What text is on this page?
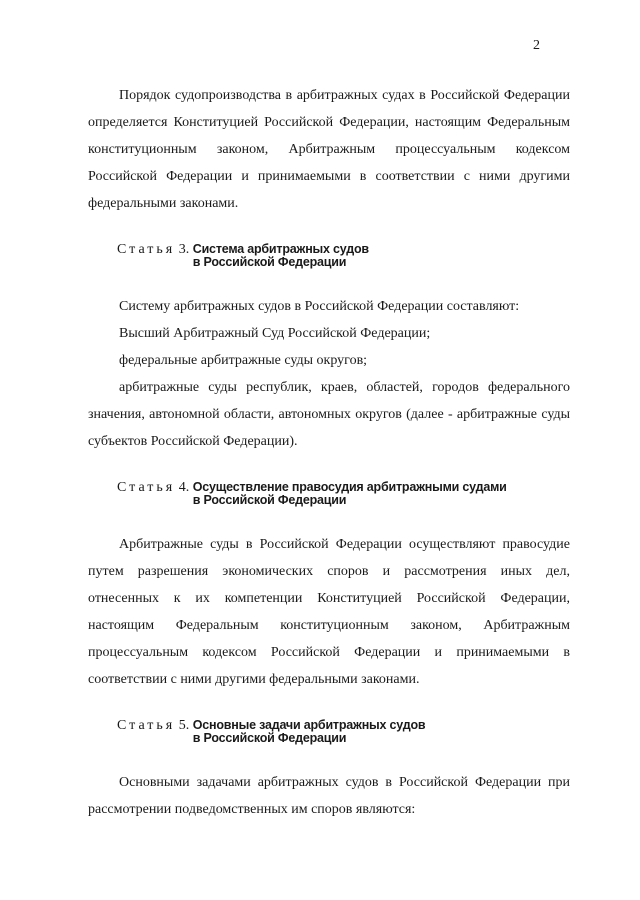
2

Порядок судопроизводства в арбитражных судах в Российской Федерации определяется Конституцией Российской Федерации, настоящим Федеральным конституционным законом, Арбитражным процессуальным кодексом Российской Федерации и принимаемыми в соответствии с ними другими федеральными законами.

Статья
3.
Система арбитражных судов
в Российской Федерации

Систему арбитражных судов в Российской Федерации составляют:

Высший Арбитражный Суд Российской Федерации;

федеральные арбитражные суды округов;

арбитражные суды республик, краев, областей, городов федерального значения, автономной области, автономных округов (далее - арбитражные суды субъектов Российской Федерации).

Статья
4.
Осуществление правосудия арбитражными судами
в Российской Федерации

Арбитражные суды в Российской Федерации осуществляют правосудие путем разрешения экономических споров и рассмотрения иных дел, отнесенных к их компетенции Конституцией Российской Федерации, настоящим Федеральным конституционным законом, Арбитражным процессуальным кодексом Российской Федерации и принимаемыми в соответствии с ними другими федеральными законами.

Статья
5.
Основные задачи арбитражных судов
в Российской Федерации

Основными задачами арбитражных судов в Российской Федерации при рассмотрении подведомственных им споров являются:
